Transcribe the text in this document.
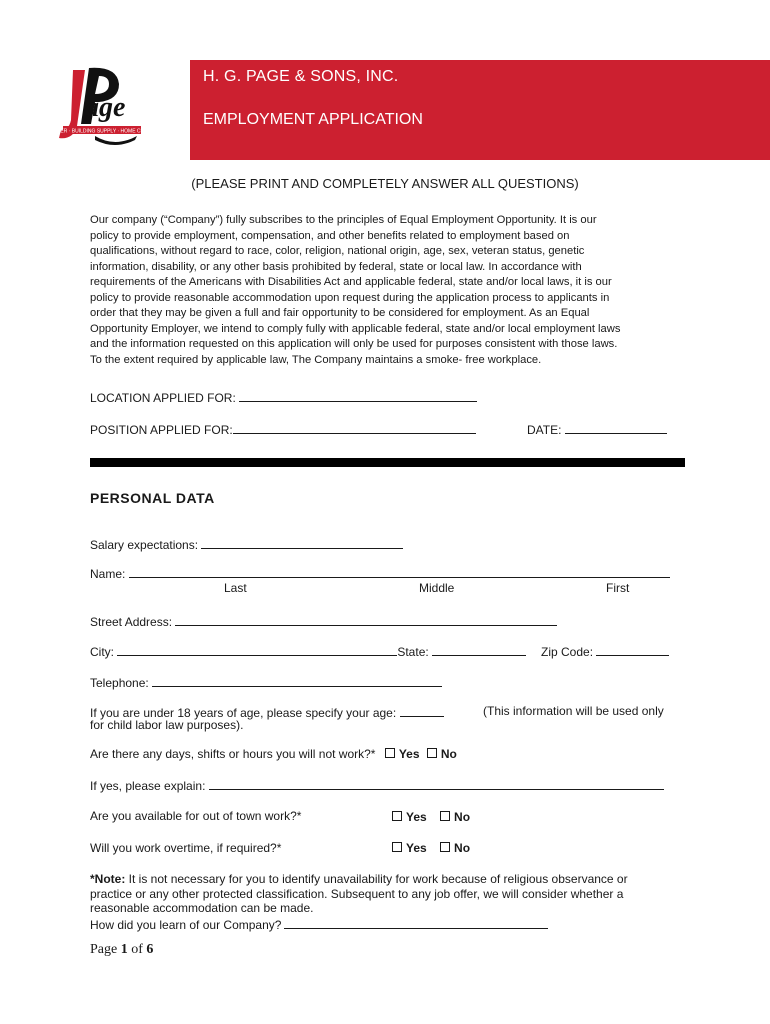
age
LUMBER · BUILDING SUPPLY · HOME CENTER
H. G. PAGE & SONS, INC.
EMPLOYMENT APPLICATION
(PLEASE PRINT AND COMPLETELY ANSWER ALL QUESTIONS)
Our company (“Company”) fully subscribes to the principles of Equal Employment Opportunity. It is our
policy to provide employment, compensation, and other benefits related to employment based on
qualifications, without regard to race, color, religion, national origin, age, sex, veteran status, genetic
information, disability, or any other basis prohibited by federal, state or local law. In accordance with
requirements of the Americans with Disabilities Act and applicable federal, state and/or local laws, it is our
policy to provide reasonable accommodation upon request during the application process to applicants in
order that they may be given a full and fair opportunity to be considered for employment. As an Equal
Opportunity Employer, we intend to comply fully with applicable federal, state and/or local employment laws
and the information requested on this application will only be used for purposes consistent with those laws.
To the extent required by applicable law, The Company maintains a smoke- free workplace.
LOCATION APPLIED FOR:
POSITION APPLIED FOR:	DATE:
PERSONAL DATA
Salary expectations:
Name:
Last	Middle	First
Street Address:
City:	State:	Zip Code:
Telephone:
If you are under 18 years of age, please specify your age:	(This information will be used only
for child labor law purposes).
Are there any days, shifts or hours you will not work?* Yes No
If yes, please explain:
Are you available for out of town work?*	Yes No
Will you work overtime, if required?*	Yes No
*Note: It is not necessary for you to identify unavailability for work because of religious observance or
practice or any other protected classification. Subsequent to any job offer, we will consider whether a
reasonable accommodation can be made.
How did you learn of our Company?
Page 1 of 6
